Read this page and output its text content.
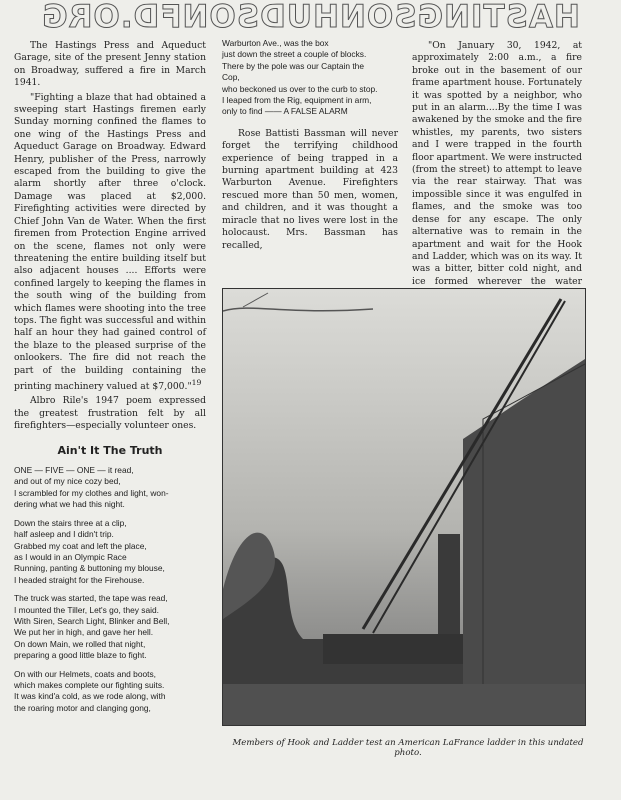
HASTINGSONHUDSONFD.ORG

The Hastings Press and Aqueduct Garage, site of the present Jenny station on Broadway, suffered a fire in March 1941.

"Fighting a blaze that had obtained a sweeping start Hastings firemen early Sunday morning confined the flames to one wing of the Hastings Press and Aqueduct Garage on Broadway. Edward Henry, publisher of the Press, narrowly escaped from the building to give the alarm shortly after three o'clock. Damage was placed at $2,000. Firefighting activities were directed by Chief John Van de Water. When the first firemen from Protection Engine arrived on the scene, flames not only were threatening the entire building itself but also adjacent houses .... Efforts were confined largely to keeping the flames in the south wing of the building from which flames were shooting into the tree tops. The fight was successful and within half an hour they had gained control of the blaze to the pleased surprise of the onlookers. The fire did not reach the part of the building containing the printing machinery valued at $7,000."$^{19}$

Albro Rile's 1947 poem expressed the greatest frustration felt by all firefighters—especially volunteer ones.

Ain't It The Truth
ONE — FIVE — ONE — it read,
and out of my nice cozy bed,
I scrambled for my clothes and light, won-
dering what we had this night.
Down the stairs three at a clip,
half asleep and I didn't trip.
Grabbed my coat and left the place,
as I would in an Olympic Race
Running, panting & buttoning my blouse,
I headed straight for the Firehouse.
The truck was started, the tape was read,
I mounted the Tiller, Let's go, they said.
With Siren, Search Light, Blinker and Bell,
We put her in high, and gave her hell.
On down Main, we rolled that night,
preparing a good little blaze to fight.
On with our Helmets, coats and boots,
which makes complete our fighting suits.
It was kind'a cold, as we rode along, with
the roaring motor and clanging gong,
Warburton Ave., was the box
just down the street a couple of blocks.
There by the pole was our Captain the
Cop,
who beckoned us over to the curb to stop.
I leaped from the Rig, equipment in arm,
only to find —— A FALSE ALARM

Rose Battisti Bassman will never forget the terrifying childhood experience of being trapped in a burning apartment building at 423 Warburton Avenue. Firefighters rescued more than 50 men, women, and children, and it was thought a miracle that no lives were lost in the holocaust. Mrs. Bassman has recalled,

"On January 30, 1942, at approximately 2:00 a.m., a fire broke out in the basement of our frame apartment house. Fortunately it was spotted by a neighbor, who put in an alarm....By the time I was awakened by the smoke and the fire whistles, my parents, two sisters and I were trapped in the fourth floor apartment. We were instructed (from the street) to attempt to leave via the rear stairway. That was impossible since it was engulfed in flames, and the smoke was too dense for any escape. The only alternative was to remain in the apartment and wait for the Hook and Ladder, which was on its way. It was a bitter, bitter cold night, and ice formed wherever the water

Members of Hook and Ladder test an American LaFrance ladder in this undated photo.
